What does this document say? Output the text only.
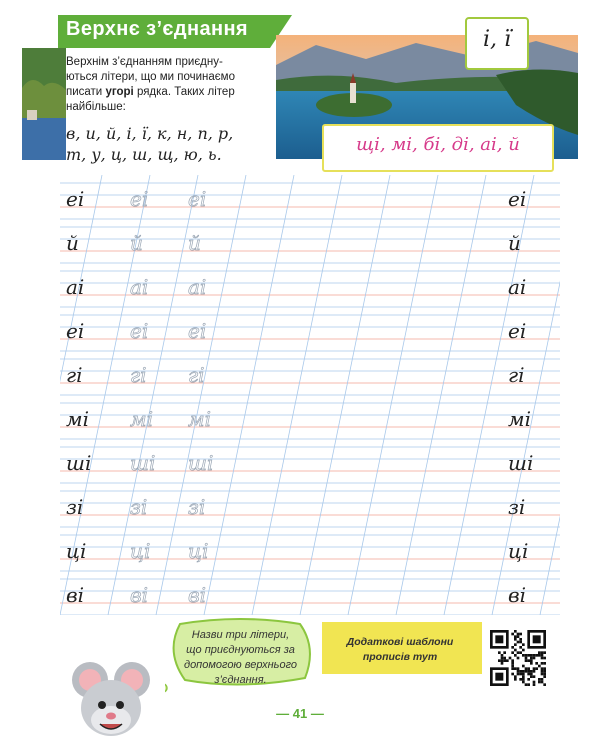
Верхнє з’єднання
Верхнім з’єднанням приєдну-
ються літери, що ми починаємо
писати угорі рядка. Таких літер
найбільше:
в, и, й, і, ї, к, н, п, р,
т, у, ц, ш, щ, ю, ь.
і, ї
щі, мі, бі, ді, аі, й
еі еі еі	еі
й	й й	й
аі аі аі	аі
еі еі еі	еі
гі гі гі	гі
мі мі мі	мі
ші ші ші	ші
зі зі зі	зі
ці ці ці	ці
ві ві ві	ві
Назви три літери,
що приєднуються за
допомогою верхнього
з’єднання.
Додаткові шаблони
прописів тут
— 41 —
